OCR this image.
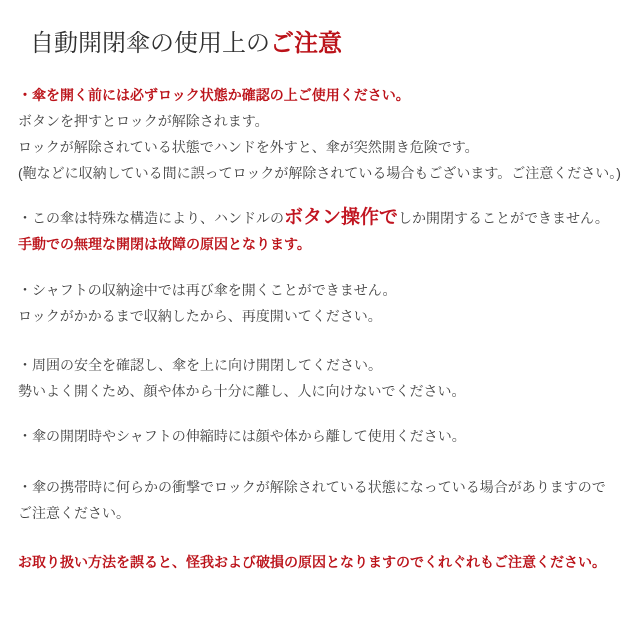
自動開閉傘の使用上のご注意
・傘を開く前には必ずロック状態か確認の上ご使用ください。
ボタンを押すとロックが解除されます。
ロックが解除されている状態でハンドを外すと、傘が突然開き危険です。
(鞄などに収納している間に誤ってロックが解除されている場合もございます。ご注意ください。)
・この傘は特殊な構造により、ハンドルのボタン操作でしか開閉することができません。
手動での無理な開閉は故障の原因となります。
・シャフトの収納途中では再び傘を開くことができません。
ロックがかかるまで収納したから、再度開いてください。
・周囲の安全を確認し、傘を上に向け開閉してください。
勢いよく開くため、顔や体から十分に離し、人に向けないでください。
・傘の開閉時やシャフトの伸縮時には顔や体から離して使用ください。
・傘の携帯時に何らかの衝撃でロックが解除されている状態になっている場合がありますので
ご注意ください。
お取り扱い方法を誤ると、怪我および破損の原因となりますのでくれぐれもご注意ください。
